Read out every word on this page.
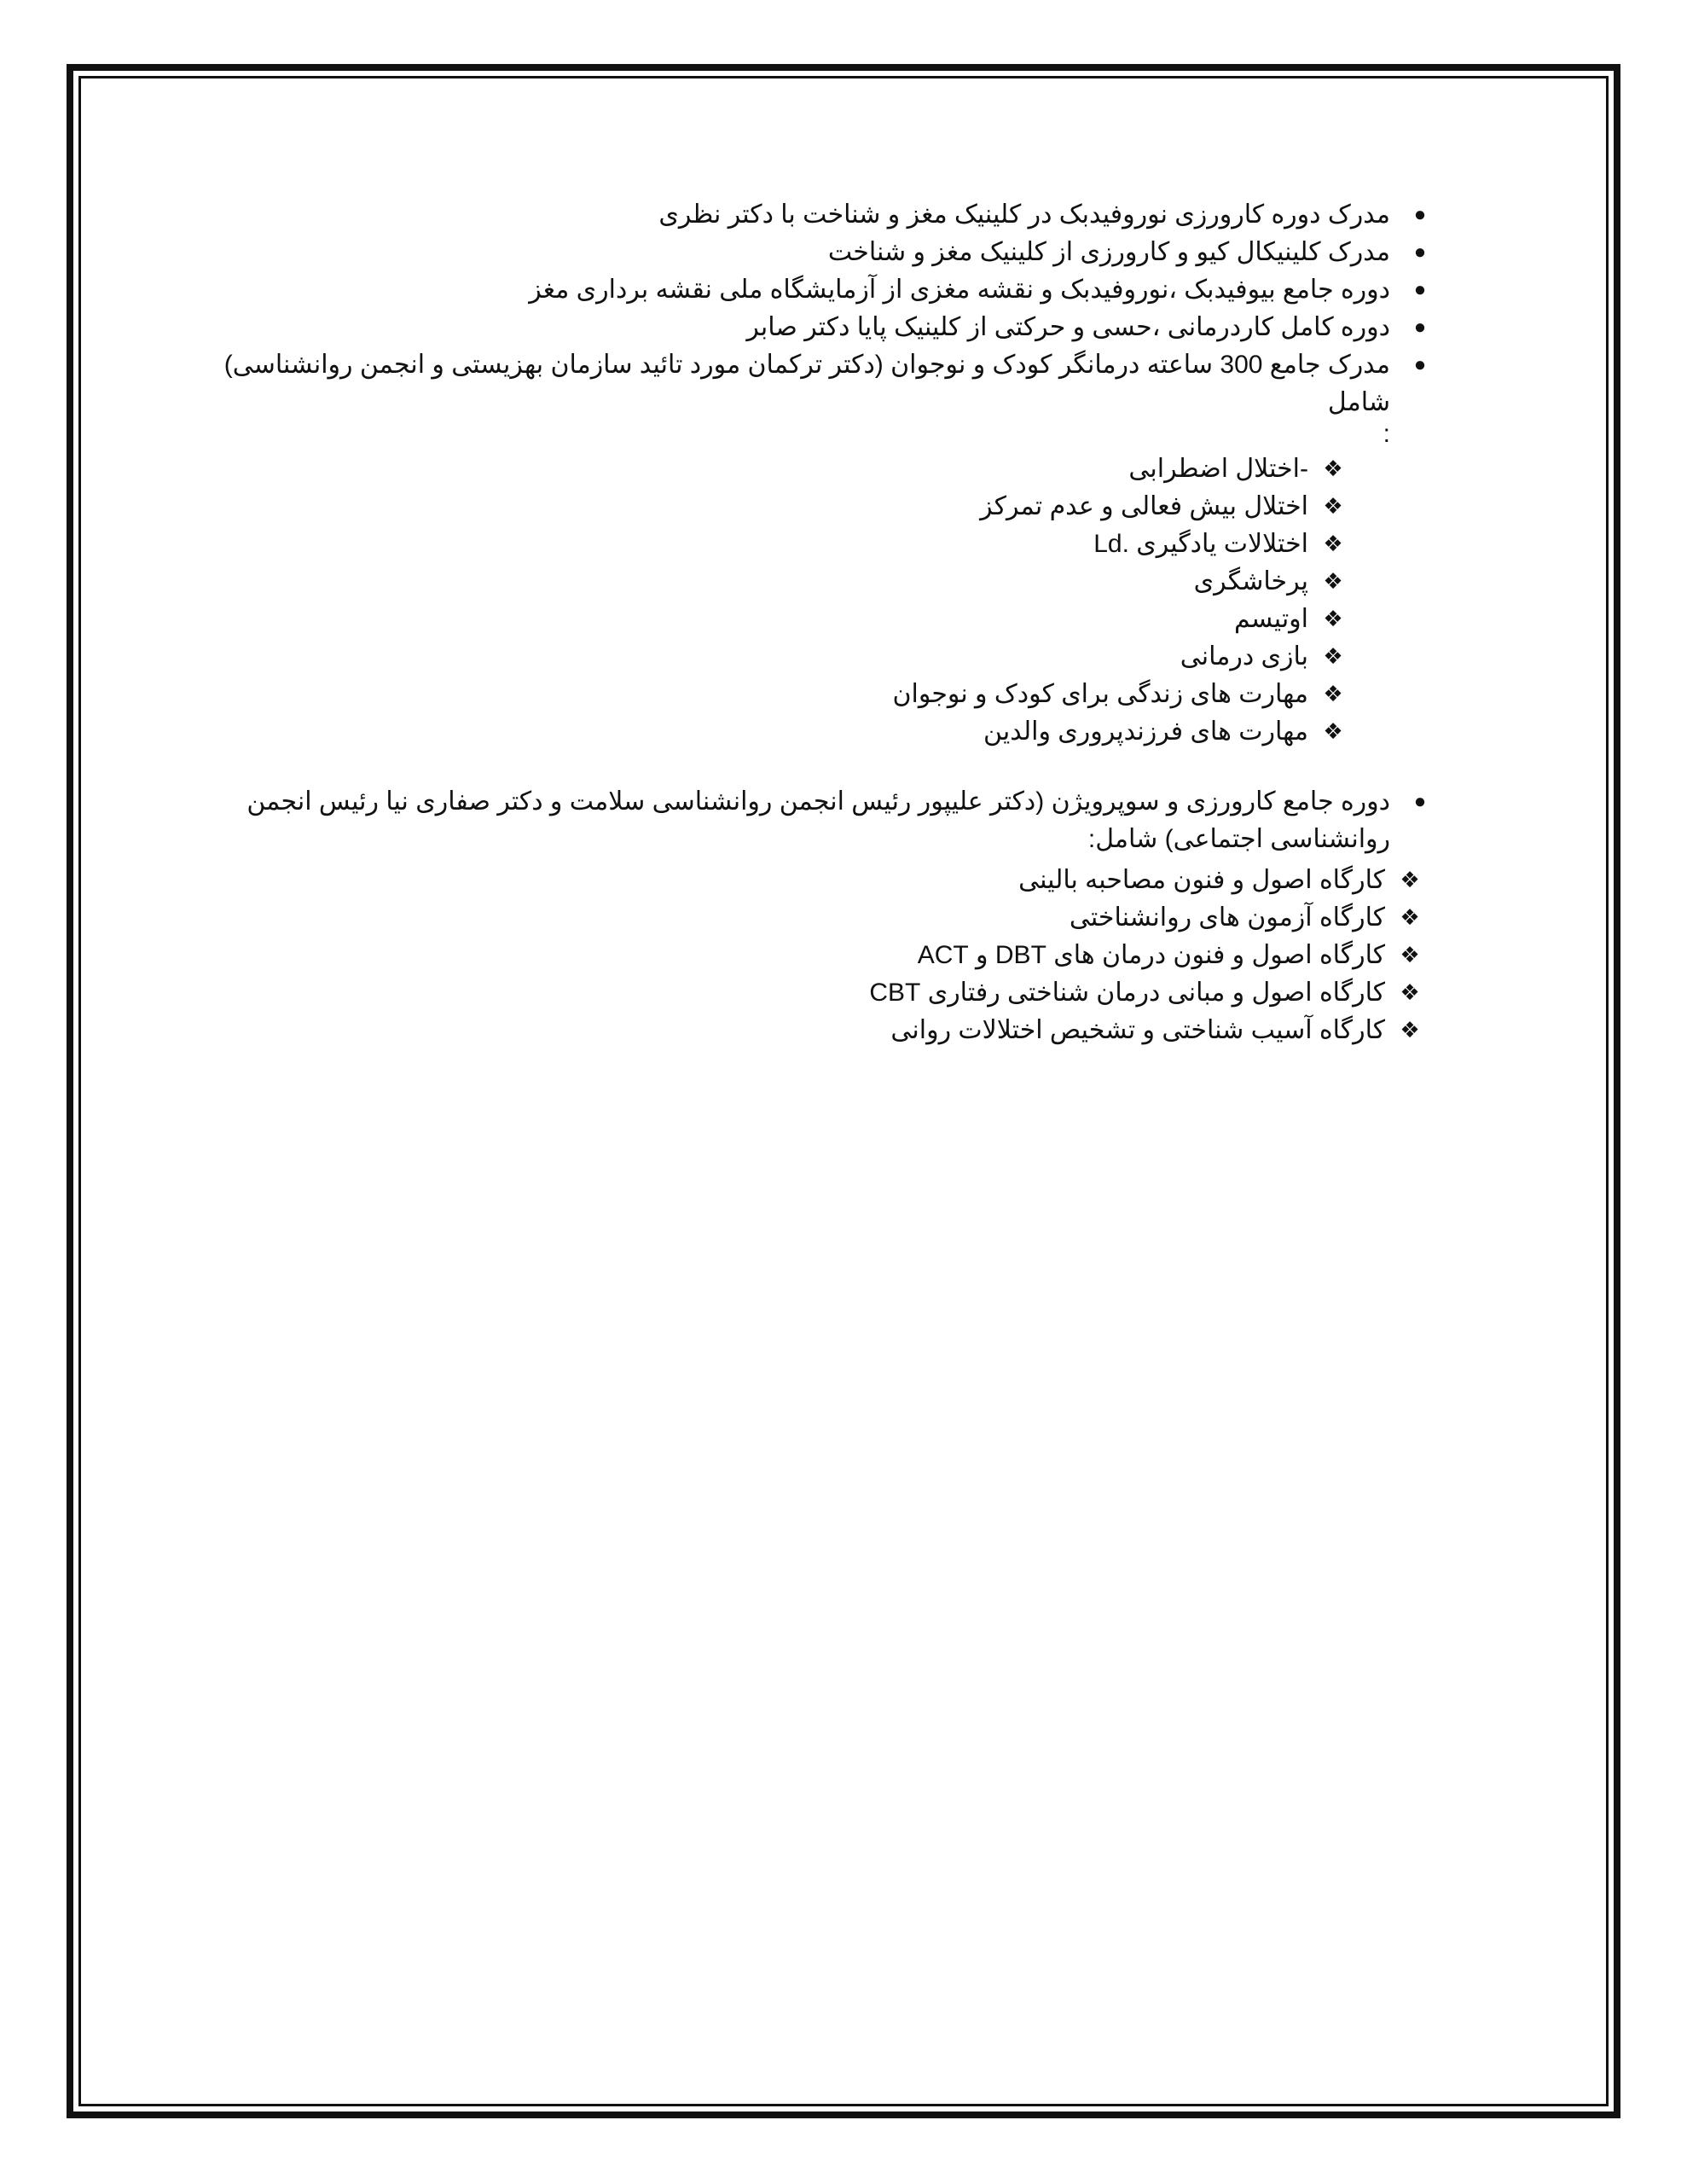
●
مدرک دوره کارورزی نوروفیدبک در کلینیک مغز و شناخت با دکتر نظری
●
مدرک کلینیکال کیو و کارورزی از کلینیک مغز و شناخت
●
دوره جامع بیوفیدبک ،نوروفیدبک و نقشه مغزی از آزمایشگاه ملی نقشه برداری مغز
●
دوره کامل کاردرمانی ،حسی و حرکتی از کلینیک پایا دکتر صابر
●
مدرک جامع 300 ساعته درمانگر کودک و نوجوان (دکتر ترکمان مورد تائید سازمان بهزیستی و انجمن روانشناسی) شامل
:
❖
-اختلال اضطرابی
❖
اختلال بیش فعالی و عدم تمرکز
❖
اختلالات یادگیری .Ld
❖
پرخاشگری
❖
اوتیسم
❖
بازی درمانی
❖
مهارت های زندگی برای کودک و نوجوان
❖
مهارت های فرزندپروری والدین
●
دوره جامع کارورزی و سوپرویژن (دکتر علیپور رئیس انجمن روانشناسی سلامت و دکتر صفاری نیا رئیس انجمن روانشناسی اجتماعی) شامل:
❖
کارگاه اصول و فنون مصاحبه بالینی
❖
کارگاه آزمون های روانشناختی
❖
کارگاه اصول و فنون درمان های DBT و ACT
❖
کارگاه اصول و مبانی درمان شناختی رفتاری CBT
❖
کارگاه آسیب شناختی و تشخیص اختلالات روانی
